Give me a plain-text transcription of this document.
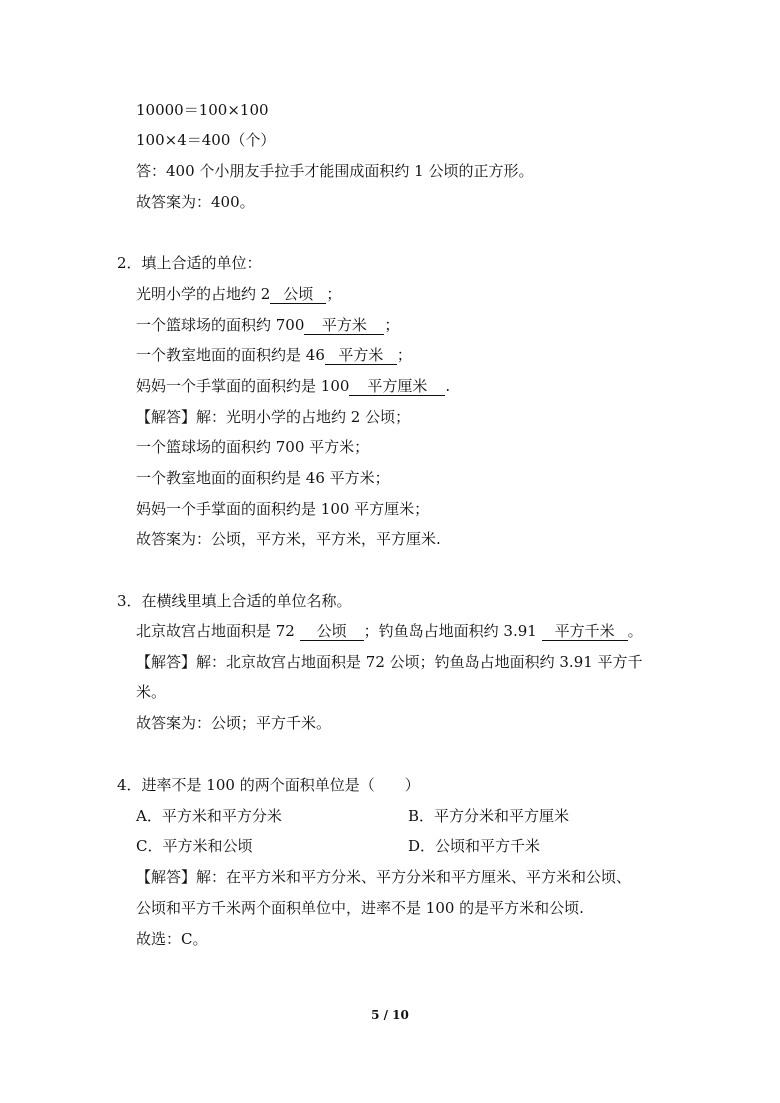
10000＝100×100
100×4＝400（个）
答：400 个小朋友手拉手才能围成面积约 1 公顷的正方形。
故答案为：400。
2．填上合适的单位：
光明小学的占地约 2 公顷 ；
一个篮球场的面积约 700 平方米 ；
一个教室地面的面积约是 46 平方米 ；
妈妈一个手掌面的面积约是 100 平方厘米 .
【解答】解：光明小学的占地约 2 公顷；
一个篮球场的面积约 700 平方米；
一个教室地面的面积约是 46 平方米；
妈妈一个手掌面的面积约是 100 平方厘米；
故答案为：公顷，平方米，平方米，平方厘米.
3．在横线里填上合适的单位名称。
北京故宫占地面积是 72 公顷 ；钓鱼岛占地面积约 3.91 平方千米 。
【解答】解：北京故宫占地面积是 72 公顷；钓鱼岛占地面积约 3.91 平方千
米。
故答案为：公顷；平方千米。
4．进率不是 100 的两个面积单位是（　　）
A．平方米和平方分米	B．平方分米和平方厘米
C．平方米和公顷	D．公顷和平方千米
【解答】解：在平方米和平方分米、平方分米和平方厘米、平方米和公顷、
公顷和平方千米两个面积单位中，进率不是 100 的是平方米和公顷.
故选：C。
5 / 10
